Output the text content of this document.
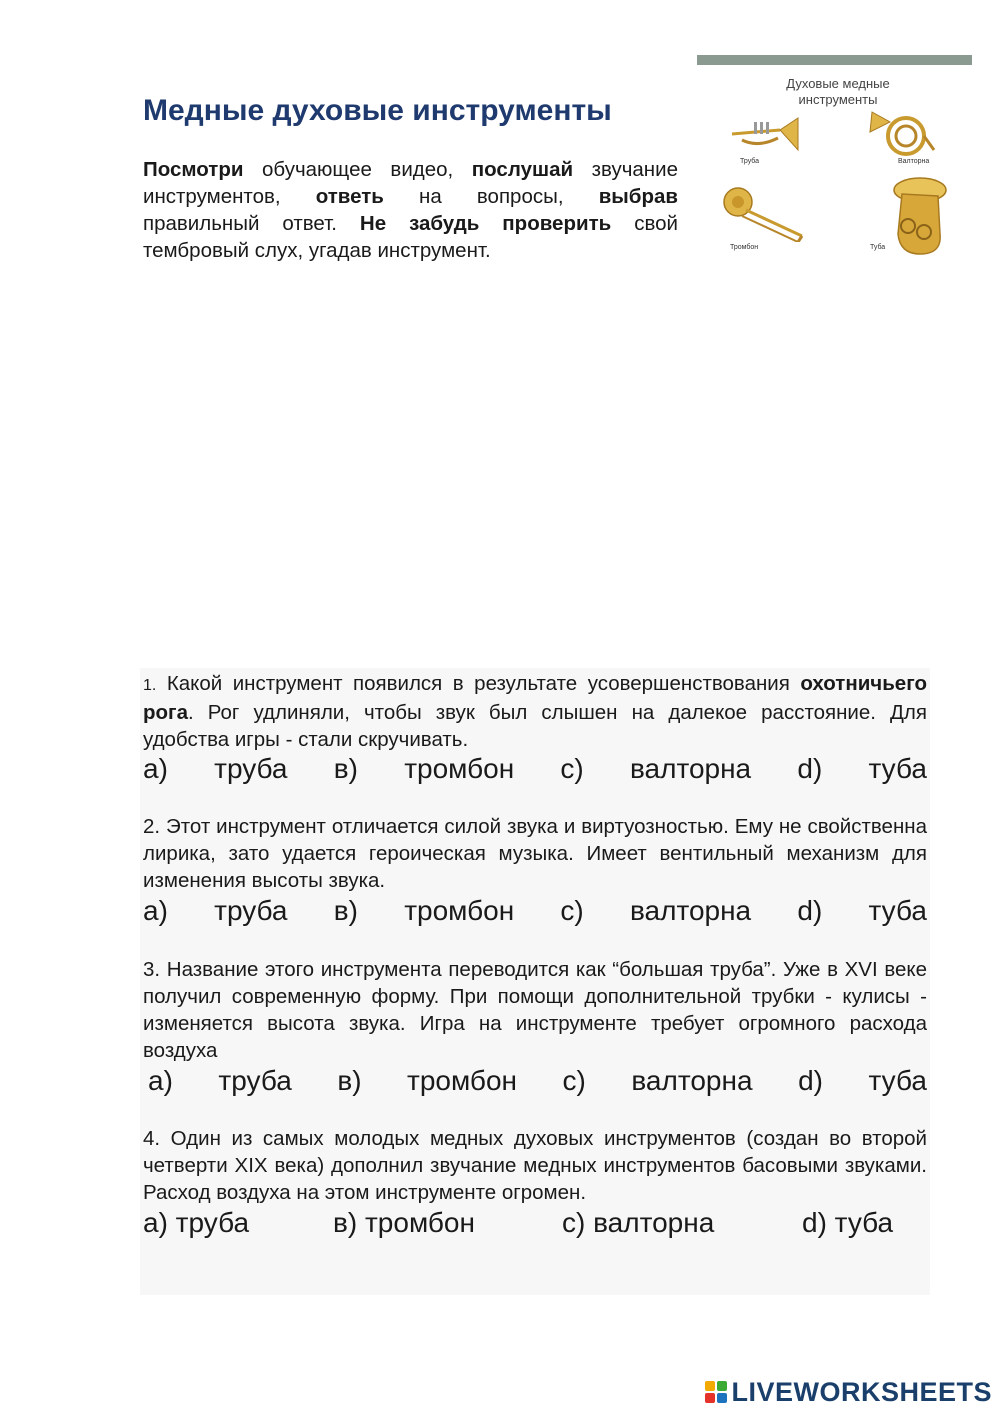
Медные духовые инструменты

Посмотри обучающее видео, послушай звучание инструментов, ответь на вопросы, выбрав правильный ответ. Не забудь проверить свой тембровый слух, угадав инструмент.

Духовые медные
инструменты
Труба	Валторна
Тромбон	Туба

1. Какой инструмент появился в результате усовершенствования охотничьего рога. Рог удлиняли, чтобы звук был слышен на далекое расстояние. Для удобства игры - стали скручивать.

а) труба в) тромбон с) валторна d) туба

2. Этот инструмент отличается силой звука и виртуозностью. Ему не свойственна лирика, зато удается героическая музыка. Имеет вентильный механизм для изменения высоты звука.

а) труба в) тромбон с) валторна d) туба

3. Название этого инструмента переводится как “большая труба”. Уже в XVI веке получил современную форму. При помощи дополнительной трубки - кулисы - изменяется высота звука. Игра на инструменте требует огромного расхода воздуха

а) труба в) тромбон с) валторна d) туба

4. Один из самых молодых медных духовых инструментов (создан во второй четверти XIX века) дополнил звучание медных инструментов басовыми звуками. Расход воздуха на этом инструменте огромен.

а) труба	в) тромбон	с) валторна	d) туба
LIVEWORKSHEETS
